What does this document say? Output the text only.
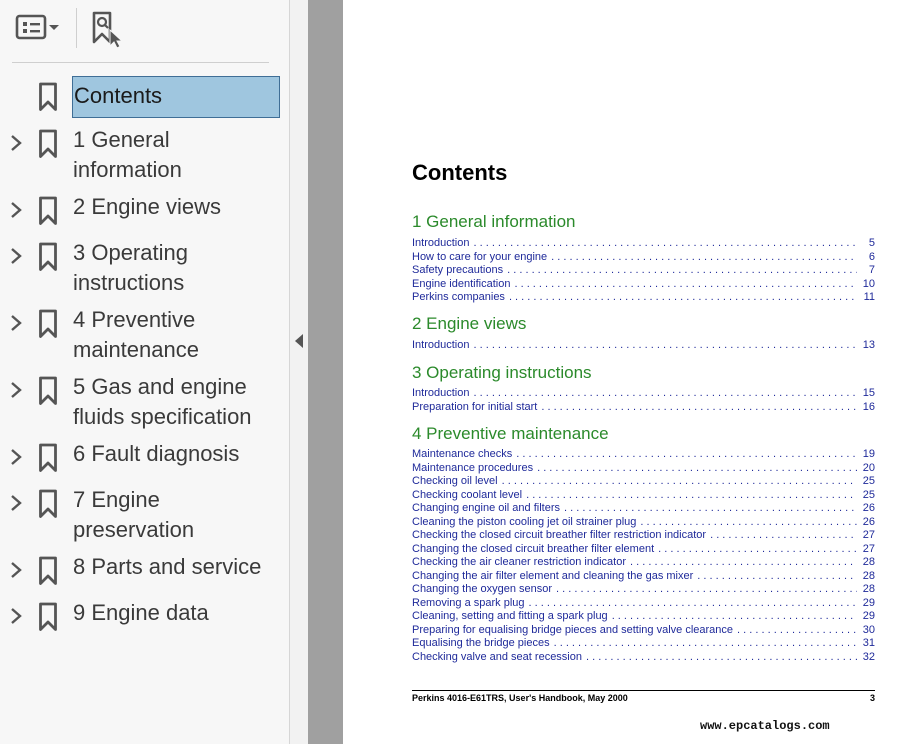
Contents
1 General
information
2 Engine views
3 Operating
instructions
4 Preventive
maintenance
5 Gas and engine
fluids specification
6 Fault diagnosis
7 Engine
preservation
8 Parts and service
9 Engine data
Contents
1 General information
Introduction . . .	5
How to care for your engine . . .	6
Safety precautions . . .	7
Engine identification . . .	10
Perkins companies . . .	11
2 Engine views
Introduction . . .	13
3 Operating instructions
Introduction . . .	15
Preparation for initial start . . .	16
4 Preventive maintenance
Maintenance checks . . .	19
Maintenance procedures . . .	20
Checking oil level . . .	25
Checking coolant level . . .	25
Changing engine oil and filters . . .	26
Cleaning the piston cooling jet oil strainer plug . . .	26
Checking the closed circuit breather filter restriction indicator . . .	27
Changing the closed circuit breather filter element . . .	27
Checking the air cleaner restriction indicator . . .	28
Changing the air filter element and cleaning the gas mixer . . .	28
Changing the oxygen sensor . . .	28
Removing a spark plug . . .	29
Cleaning, setting and fitting a spark plug . . .	29
Preparing for equalising bridge pieces and setting valve clearance . . .	30
Equalising the bridge pieces . . .	31
Checking valve and seat recession . . .	32
Perkins 4016-E61TRS, User's Handbook, May 2000	3
www.epcatalogs.com
